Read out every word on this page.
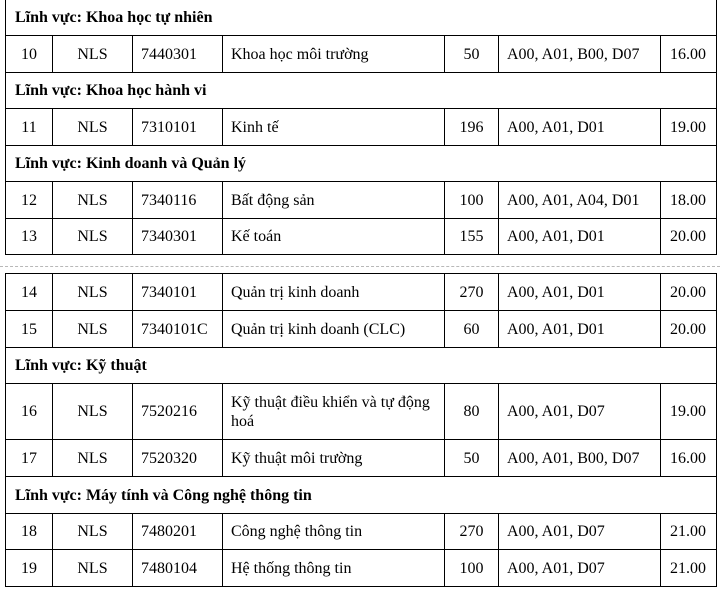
Lĩnh vực: Khoa học tự nhiên						
10	NLS	7440301	Khoa học môi trường	50	A00, A01, B00, D07	16.00
Lĩnh vực: Khoa học hành vi						
11	NLS	7310101	Kinh tế	196	A00, A01, D01	19.00
Lĩnh vực: Kinh doanh và Quản lý						
12	NLS	7340116	Bất động sản	100	A00, A01, A04, D01	18.00
13	NLS	7340301	Kế toán	155	A00, A01, D01	20.00
14	NLS	7340101	Quản trị kinh doanh	270	A00, A01, D01	20.00
15	NLS	7340101C	Quản trị kinh doanh (CLC)	60	A00, A01, D01	20.00
Lĩnh vực: Kỹ thuật						
16	NLS	7520216	Kỹ thuật điều khiển và tự động hoá	80	A00, A01, D07	19.00
17	NLS	7520320	Kỹ thuật môi trường	50	A00, A01, B00, D07	16.00
Lĩnh vực: Máy tính và Công nghệ thông tin						
18	NLS	7480201	Công nghệ thông tin	270	A00, A01, D07	21.00
19	NLS	7480104	Hệ thống thông tin	100	A00, A01, D07	21.00
